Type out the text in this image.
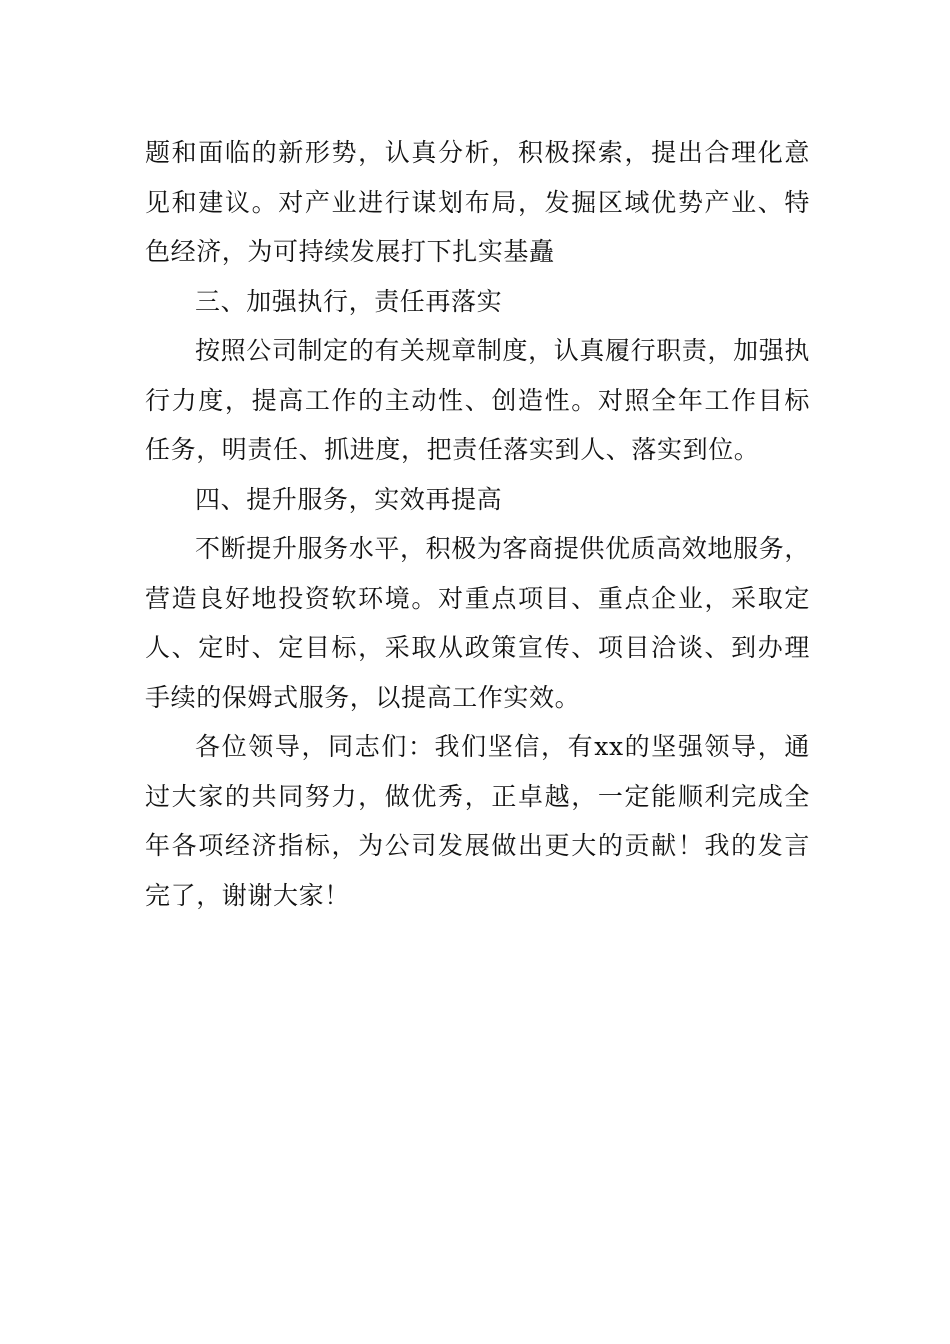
题和面临的新形势，认真分析，积极探索，提出合理化意见和建议。对产业进行谋划布局，发掘区域优势产业、特色经济，为可持续发展打下扎实基矗

三、加强执行，责任再落实

按照公司制定的有关规章制度，认真履行职责，加强执行力度，提高工作的主动性、创造性。对照全年工作目标任务，明责任、抓进度，把责任落实到人、落实到位。

四、提升服务，实效再提高

不断提升服务水平，积极为客商提供优质高效地服务，营造良好地投资软环境。对重点项目、重点企业，采取定人、定时、定目标，采取从政策宣传、项目洽谈、到办理手续的保姆式服务，以提高工作实效。

各位领导，同志们：我们坚信，有xx的坚强领导，通过大家的共同努力，做优秀，正卓越，一定能顺利完成全年各项经济指标，为公司发展做出更大的贡献！我的发言完了，谢谢大家！
